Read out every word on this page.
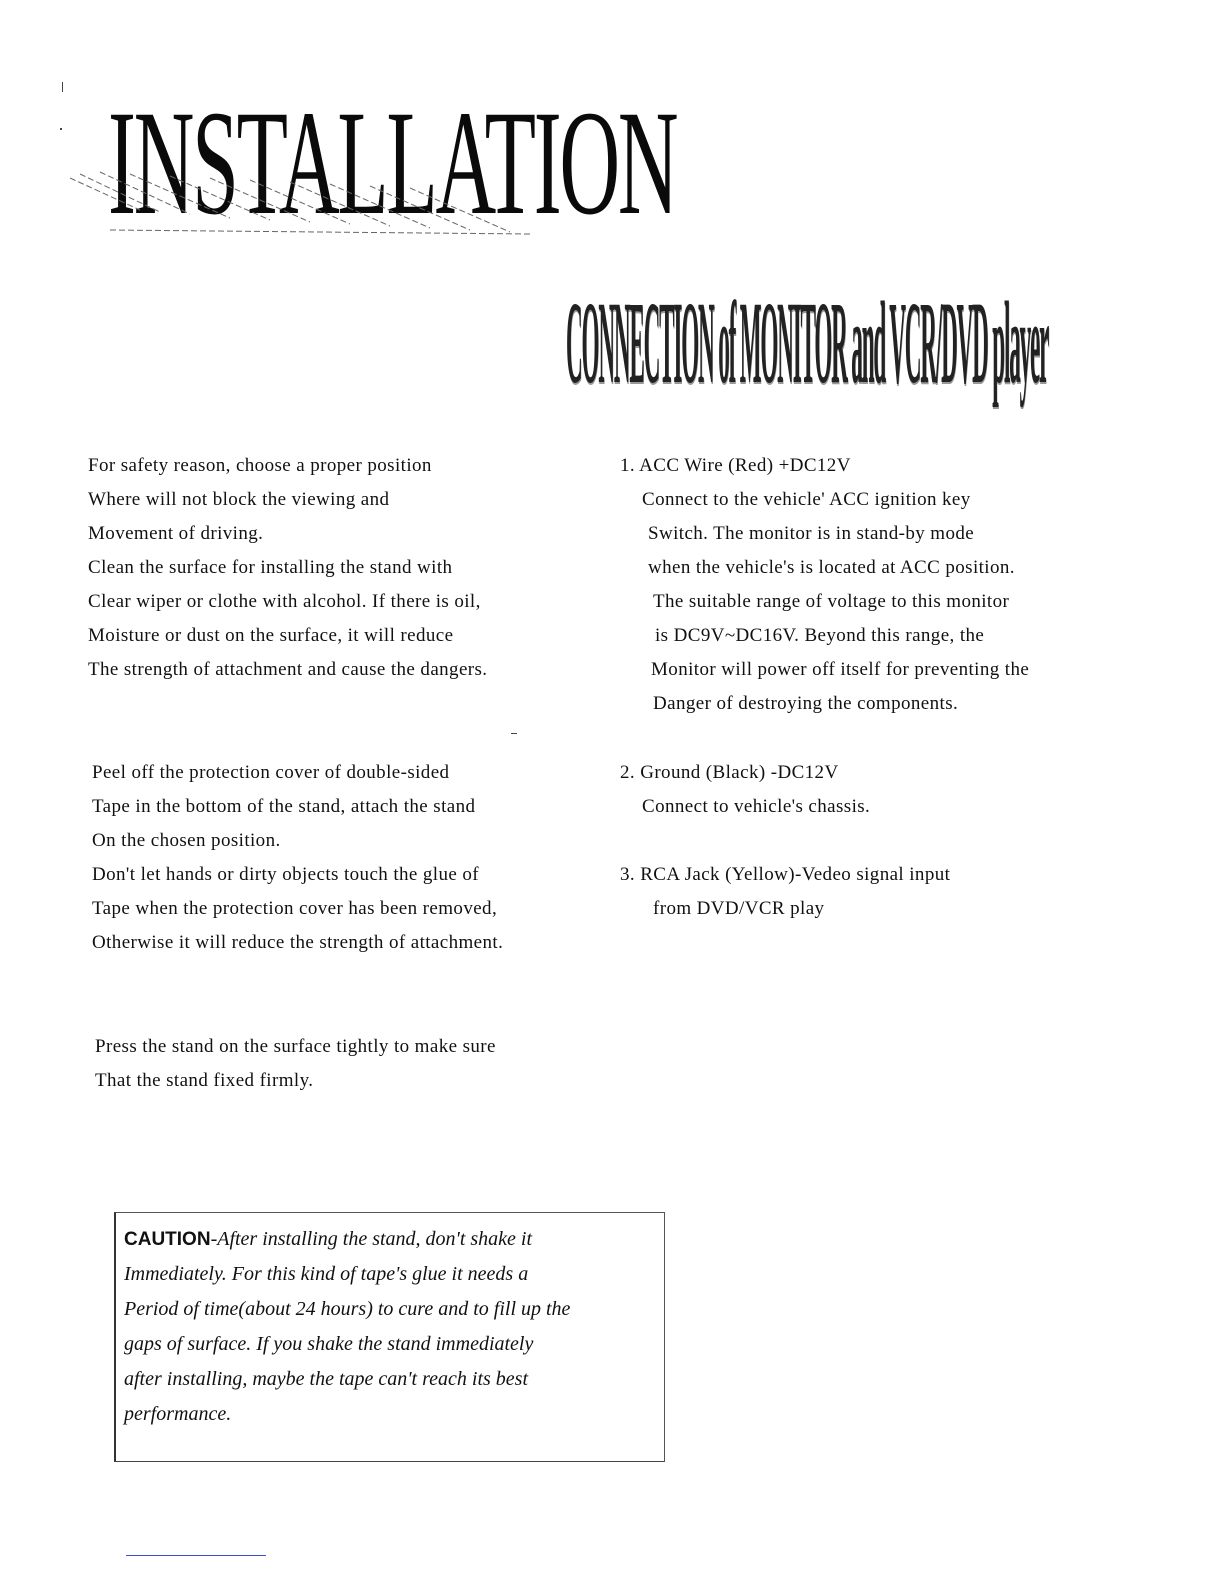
INSTALLATION
CONNECTION of MONITOR and VCR/DVD player
For safety reason, choose a proper position
Where will not block the viewing and
Movement of driving.
Clean the surface for installing the stand with
Clear wiper or clothe with alcohol. If there is oil,
Moisture or dust on the surface, it will reduce
The strength of attachment and cause the dangers.
Peel off the protection cover of double-sided
Tape in the bottom of the stand, attach the stand
On the chosen position.
Don't let hands or dirty objects touch the glue of
Tape when the protection cover has been removed,
Otherwise it will reduce the strength of attachment.
Press the stand on the surface tightly to make sure
That the stand fixed firmly.
1. ACC Wire (Red) +DC12V
Connect to the vehicle' ACC ignition key
Switch. The monitor is in stand-by mode
when the vehicle's is located at ACC position.
The suitable range of voltage to this monitor
is DC9V~DC16V. Beyond this range, the
Monitor will power off itself for preventing the
Danger of destroying the components.
2. Ground (Black) -DC12V
Connect to vehicle's chassis.
3. RCA Jack (Yellow)-Vedeo signal input
from DVD/VCR play
CAUTION-After installing the stand, don't shake it
Immediately. For this kind of tape's glue it needs a
Period of time(about 24 hours) to cure and to fill up the
gaps of surface. If you shake the stand immediately
after installing, maybe the tape can't reach its best
performance.
